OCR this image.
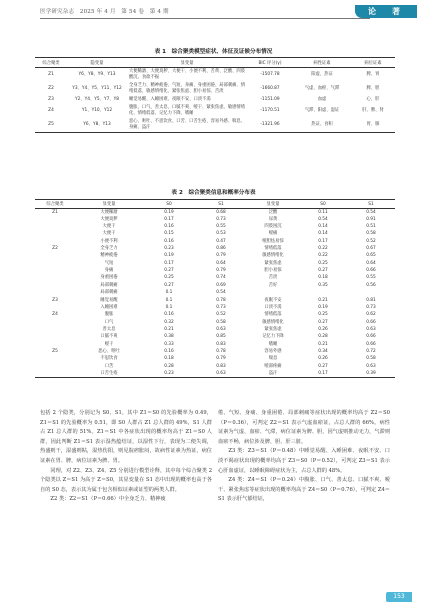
医学研究杂志　2025 年 4 月　第 54 卷　第 4 期	论　著
表 1　综合聚类模型症状、体征及证候分布情况
综合聚类	隐变量	显变量	BIC 评分(γ)	病性证素	病位证素
Z1	Y6、Y8、Y9、Y13	大便稀溏、大便臭秽、大便干、小便不利、舌黄、泛酸、四肢酸沉、食欲不振	-1507.78	阳虚、热证	脾、胃
Z2	Y3、Y4、Y5、Y11、Y12	全身乏力、精神疲倦、气短、身痛、身重困倦、局部刺痛、情绪低落、敏感情绪化、紧张焦虑、胆小易惊、舌淡	-1660.87	气虚、血瘀、气滞	脾、胆
Z3	Y2、Y4、Y5、Y7、Y8	睡觉易醒、入睡困难、夜眠不安、口淡不渴	-1151.09	血虚	心、肝
Z4	Y1、Y10、Y12	腹胀、口气、善太息、口腻不爽、嗳干、紧张焦虑、敏感情绪化、情绪低落、记忆力下降、嗜睡	-1170.51	气滞、阳虚、湿证	肝、脾、肾
Z5	Y6、Y8、Y13	恶心、呕吐、不思饮食、口苦、口舌生疮、容易外感、喘息、身痛、盗汗	-1321.96	热证、食积	胃、肺
表 2　综合聚类信息和概率分布表
综合聚类	显变量	S0	S1	显变量	S0	S1
Z1	大便稀溏	0.19	0.68	泛酸	0.11	0.54
	大便臭秽	0.17	0.73	尿黄	0.54	0.91
	大便干	0.16	0.55	四肢困沉	0.14	0.51
	大便干	0.15	0.53	嗳痛	0.14	0.58
	小便不利	0.16	0.47	嗳胆怯易惊	0.17	0.52
Z2	全身乏力	0.23	0.86	情绪低落	0.22	0.67
	精神疲倦	0.19	0.79	敏感情绪化	0.22	0.65
	气短	0.17	0.64	紧张焦虑	0.25	0.64
	身痛	0.27	0.79	胆小易惊	0.27	0.66
	身重困倦	0.25	0.74	舌淡	0.18	0.55
	局部刺痛	0.27	0.69	舌好	0.35	0.56
	局部刺痛	0.1	0.54			
Z3	睡觉易醒	0.1	0.78	夜眠不安	0.21	0.81
	入睡困难	0.1	0.73	口淡不渴	0.19	0.73
Z4	腹胀	0.16	0.52	情绪低落	0.25	0.62
	口气	0.32	0.58	敏感情绪化	0.27	0.66
	善太息	0.21	0.63	紧张焦虑	0.26	0.63
	口腻不爽	0.38	0.85	记忆力下降	0.28	0.66
	嗳干	0.33	0.83	嗜睡	0.21	0.66
Z5	恶心、呕吐	0.16	0.78	容易外感	0.34	0.72
	不思饮食	0.18	0.79	喘息	0.26	0.58
	口苦	0.28	0.83	嗳部疼痛	0.27	0.63
	口舌生疮	0.23	0.63	盗汗	0.17	0.39

包括 2 个隐类，分别记为 S0、S1，其中 Z1＝S0 的先验概率为 0.49，Z1＝S1 的先验概率为 0.51，即 S0 人群占 Z1 总人群的 49%，S1 人群占 Z1 总人群的 51%。Z1＝S1 中各症状出现的概率均高于 Z1＝S0 人群，因此判断 Z1＝S1 表示湿热蕴结证，以湿性下行，表现为二便失调，热盛则干，湿盛则粘，湿热伤阳，则见脘痞胀闷，故病性证素为热证，病位证素在胃、脾，病位证素为脾、胃。

同理，对 Z2、Z3、Z4、Z5 分别进行模型诠释，其中每个综合聚类 2 个隐类以 Z＝S1 为高于 Z＝S0，其显变量在 S1 态中出现的概率也高于各自的 S0 态，表示其为属于包含相似证素或证型的两类人群。

Z2 类：Z2＝S1（P＝0.66）中全身乏力、精神疲

倦、气短、身痛、身重困倦、局部刺痛等症状出现的概率均高于 Z2＝S0（P＝0.36），可判定 Z2＝S1 表示气虚血瘀证，占总人群的 66%。病性证素为气虚、血瘀、气滞，病位证素为脾、胆，因气虚则推动无力，气滞则血瘀不畅，病位涉及脾、胆、肝三脏。

Z3 类：Z3＝S1（P＝0.48）中睡觉易醒、入睡困难、夜眠不安、口淡不渴症状出现的概率均高于 Z3＝S0（P＝0.52），可判定 Z3＝S1 表示心肝血虚证，以睡眠障碍症状为主，占总人群的 48%。

Z4 类：Z4＝S1（P＝0.24）中腹胀、口气、善太息、口腻不爽、嗳干、紧张焦虑等症状出现的概率均高于 Z4＝S0（P＝0.76），可判定 Z4＝S1 表示肝气郁结证，

153
